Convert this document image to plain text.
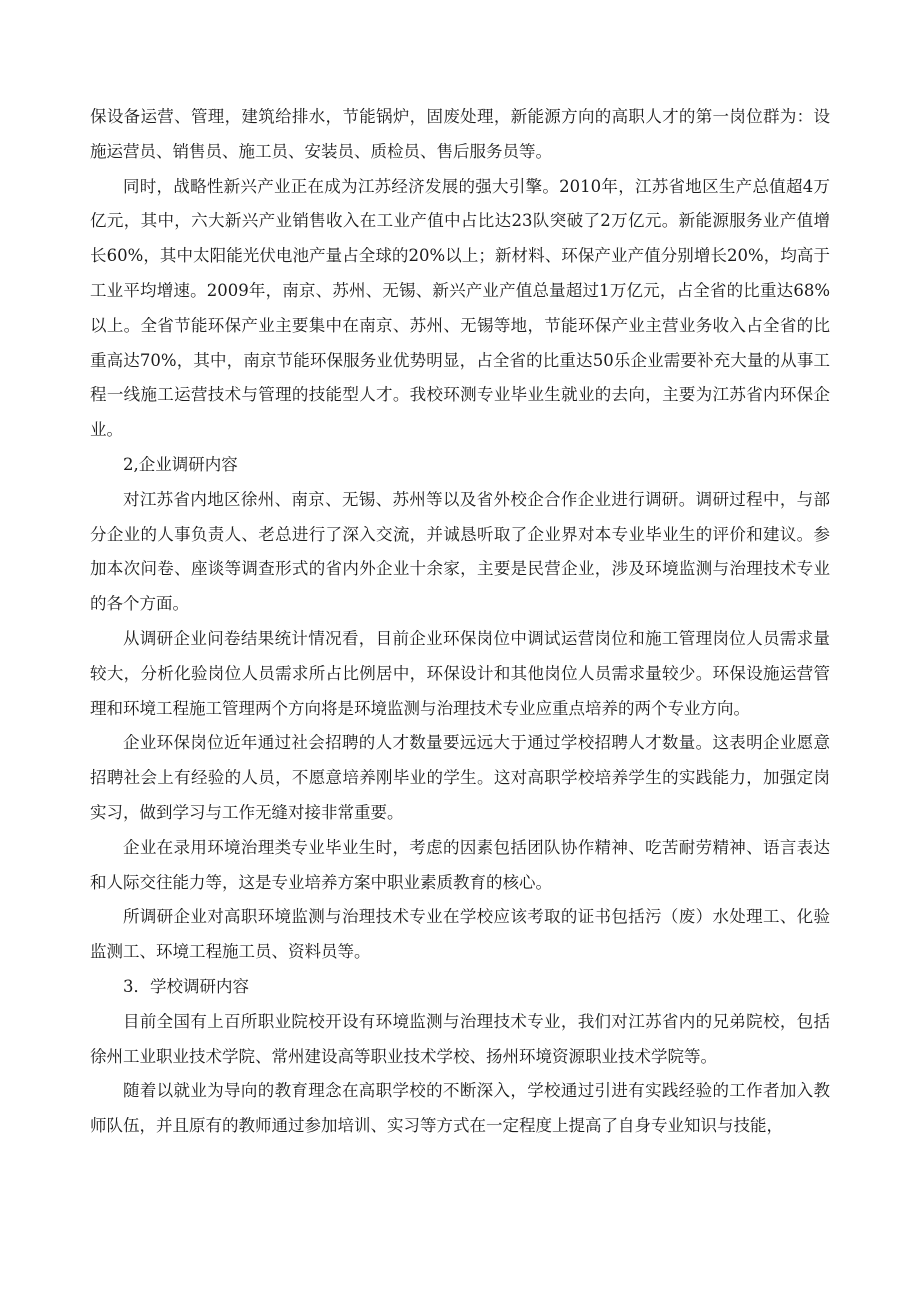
保设备运营、管理，建筑给排水，节能锅炉，固废处理，新能源方向的高职人才的第一岗位群为：设施运营员、销售员、施工员、安装员、质检员、售后服务员等。

同时，战略性新兴产业正在成为江苏经济发展的强大引擎。2010年，江苏省地区生产总值超4万亿元，其中，六大新兴产业销售收入在工业产值中占比达23队突破了2万亿元。新能源服务业产值增长60%，其中太阳能光伏电池产量占全球的20%以上；新材料、环保产业产值分别增长20%，均高于工业平均增速。2009年，南京、苏州、无锡、新兴产业产值总量超过1万亿元，占全省的比重达68%以上。全省节能环保产业主要集中在南京、苏州、无锡等地，节能环保产业主营业务收入占全省的比重高达70%，其中，南京节能环保服务业优势明显，占全省的比重达50乐企业需要补充大量的从事工程一线施工运营技术与管理的技能型人才。我校环测专业毕业生就业的去向，主要为江苏省内环保企业。

2,企业调研内容

对江苏省内地区徐州、南京、无锡、苏州等以及省外校企合作企业进行调研。调研过程中，与部分企业的人事负责人、老总进行了深入交流，并诚恳听取了企业界对本专业毕业生的评价和建议。参加本次问卷、座谈等调查形式的省内外企业十余家，主要是民营企业，涉及环境监测与治理技术专业的各个方面。

从调研企业问卷结果统计情况看，目前企业环保岗位中调试运营岗位和施工管理岗位人员需求量较大，分析化验岗位人员需求所占比例居中，环保设计和其他岗位人员需求量较少。环保设施运营管理和环境工程施工管理两个方向将是环境监测与治理技术专业应重点培养的两个专业方向。

企业环保岗位近年通过社会招聘的人才数量要远远大于通过学校招聘人才数量。这表明企业愿意招聘社会上有经验的人员，不愿意培养刚毕业的学生。这对高职学校培养学生的实践能力，加强定岗实习，做到学习与工作无缝对接非常重要。

企业在录用环境治理类专业毕业生时，考虑的因素包括团队协作精神、吃苦耐劳精神、语言表达和人际交往能力等，这是专业培养方案中职业素质教育的核心。

所调研企业对高职环境监测与治理技术专业在学校应该考取的证书包括污（废）水处理工、化验监测工、环境工程施工员、资料员等。

3．学校调研内容

目前全国有上百所职业院校开设有环境监测与治理技术专业，我们对江苏省内的兄弟院校，包括徐州工业职业技术学院、常州建设高等职业技术学校、扬州环境资源职业技术学院等。

随着以就业为导向的教育理念在高职学校的不断深入，学校通过引进有实践经验的工作者加入教师队伍，并且原有的教师通过参加培训、实习等方式在一定程度上提高了自身专业知识与技能，
